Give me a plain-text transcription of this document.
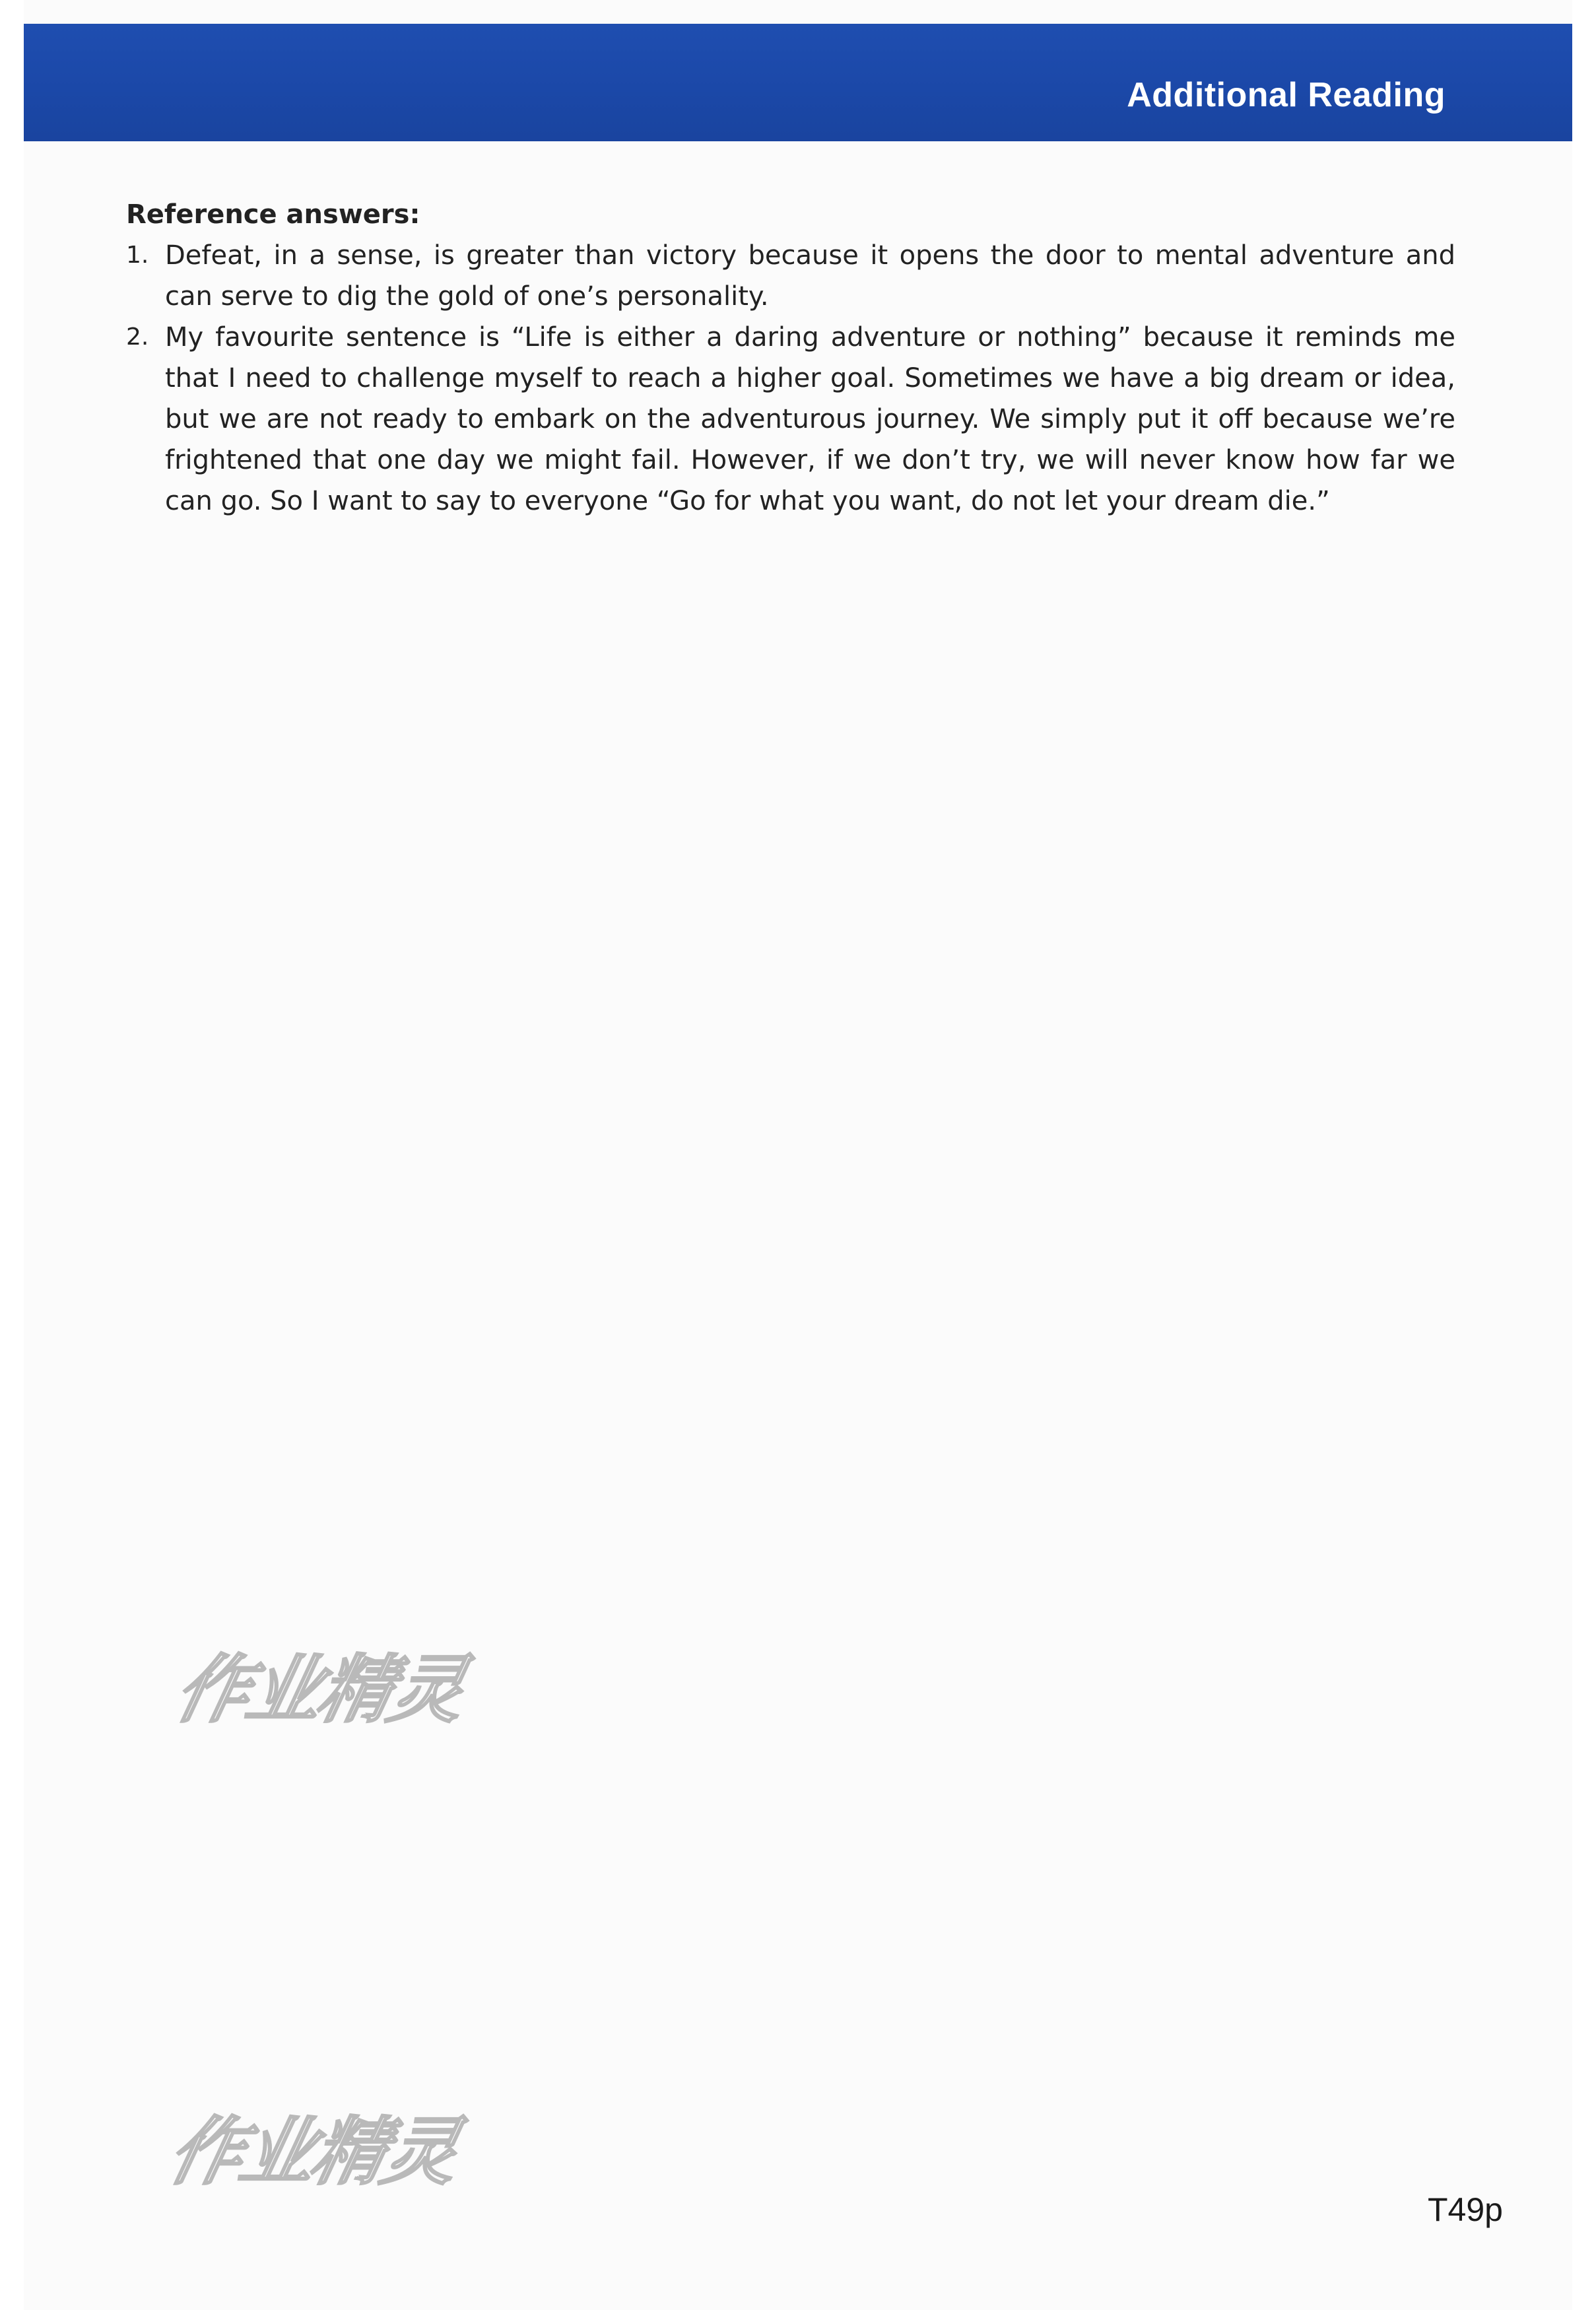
Additional Reading

Reference answers:

1. Defeat, in a sense, is greater than victory because it opens the door to mental adventure and can serve to dig the gold of one’s personality.
2. My favourite sentence is “Life is either a daring adventure or nothing” because it reminds me that I need to challenge myself to reach a higher goal. Sometimes we have a big dream or idea, but we are not ready to embark on the adventurous journey. We simply put it off because we’re frightened that one day we might fail. However, if we don’t try, we will never know how far we can go. So I want to say to everyone “Go for what you want, do not let your dream die.”
作业精灵
作业精灵
T49p
